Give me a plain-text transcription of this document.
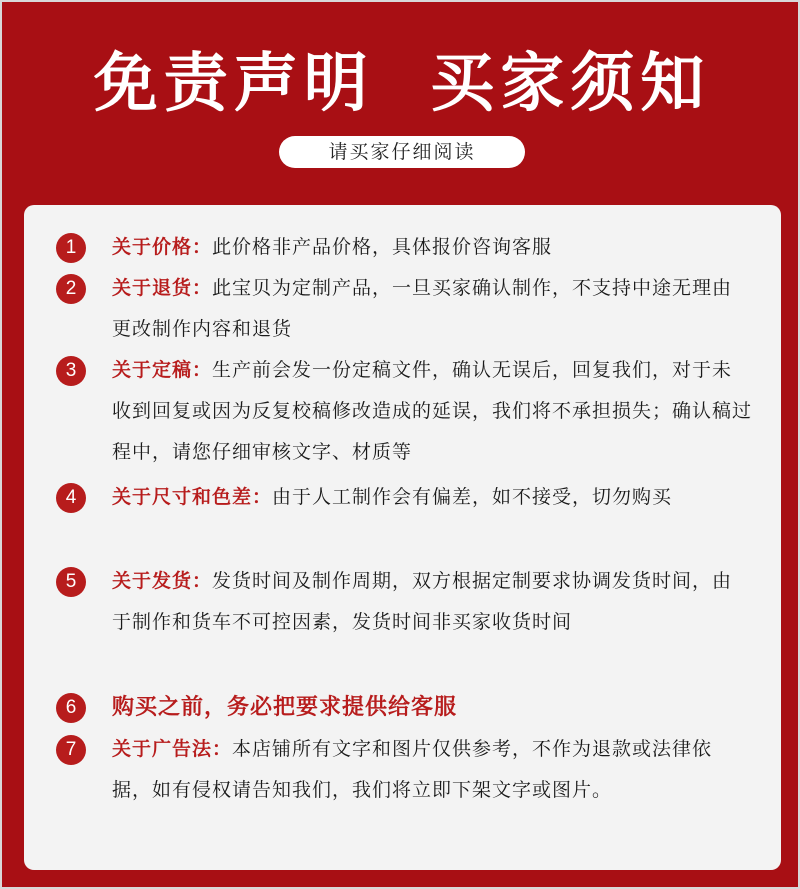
免责声明  买家须知
请买家仔细阅读
1	关于价格：此价格非产品价格，具体报价咨询客服
2	关于退货：此宝贝为定制产品，一旦买家确认制作，不支持中途无理由更改制作内容和退货
3	关于定稿：生产前会发一份定稿文件，确认无误后，回复我们，对于未收到回复或因为反复校稿修改造成的延误，我们将不承担损失；确认稿过程中，请您仔细审核文字、材质等
4	关于尺寸和色差：由于人工制作会有偏差，如不接受，切勿购买
5	关于发货：发货时间及制作周期，双方根据定制要求协调发货时间，由于制作和货车不可控因素，发货时间非买家收货时间
6	购买之前，务必把要求提供给客服
7	关于广告法：本店铺所有文字和图片仅供参考，不作为退款或法律依据，如有侵权请告知我们，我们将立即下架文字或图片。
